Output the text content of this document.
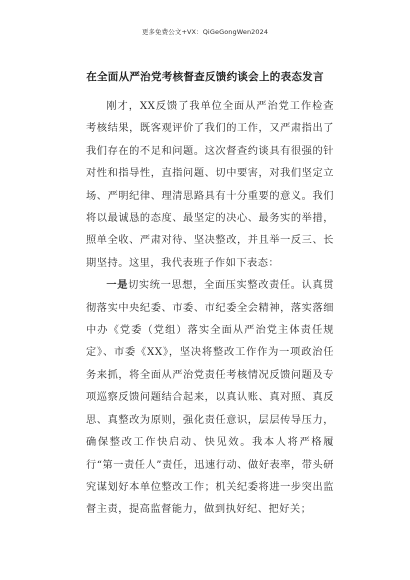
更多免费公文+VX：QiGeGongWen2024
在全面从严治党考核督查反馈约谈会上的表态发言

刚才，XX反馈了我单位全面从严治党工作检查考核结果，既客观评价了我们的工作，又严肃指出了我们存在的不足和问题。这次督查约谈具有很强的针对性和指导性，直指问题、切中要害，对我们坚定立场、严明纪律、理清思路具有十分重要的意义。我们将以最诚恳的态度、最坚定的决心、最务实的举措，照单全收、严肃对待、坚决整改，并且举一反三、长期坚持。这里，我代表班子作如下表态：

一是切实统一思想，全面压实整改责任。认真贯彻落实中央纪委、市委、市纪委全会精神，落实落细中办《党委（党组）落实全面从严治党主体责任规定》、市委《XX》，坚决将整改工作作为一项政治任务来抓，将全面从严治党责任考核情况反馈问题及专项巡察反馈问题结合起来，以真认账、真对照、真反思、真整改为原则，强化责任意识，层层传导压力，确保整改工作快启动、快见效。我本人将严格履行“第一责任人”责任，迅速行动、做好表率，带头研究谋划好本单位整改工作；机关纪委将进一步突出监督主责，提高监督能力，做到执好纪、把好关；
